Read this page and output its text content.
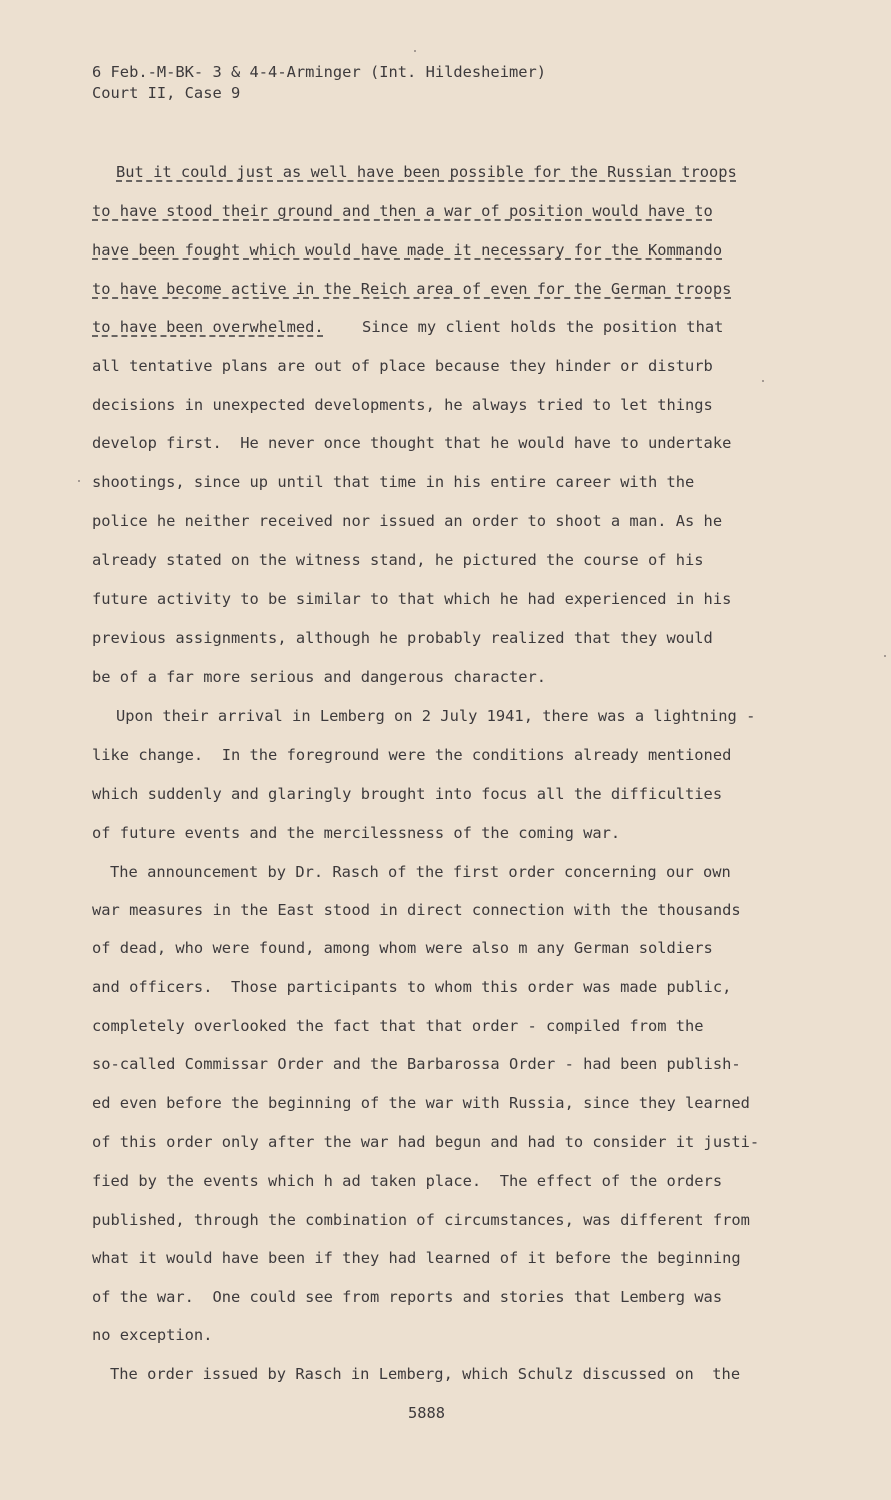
6 Feb.-M-BK- 3 & 4-4-Arminger (Int. Hildesheimer)
Court II, Case 9
But it could just as well have been possible for the Russian troops
to have stood their ground and then a war of position would have to
have been fought which would have made it necessary for the Kommando
to have become active in the Reich area of even for the German troops
to have been overwhelmed. Since my client holds the position that
all tentative plans are out of place because they hinder or disturb
decisions in unexpected developments, he always tried to let things
develop first.  He never once thought that he would have to undertake
shootings, since up until that time in his entire career with the
police he neither received nor issued an order to shoot a man. As he
already stated on the witness stand, he pictured the course of his
future activity to be similar to that which he had experienced in his
previous assignments, although he probably realized that they would
be of a far more serious and dangerous character.
Upon their arrival in Lemberg on 2 July 1941, there was a lightning -
like change.  In the foreground were the conditions already mentioned
which suddenly and glaringly brought into focus all the difficulties
of future events and the mercilessness of the coming war.
The announcement by Dr. Rasch of the first order concerning our own
war measures in the East stood in direct connection with the thousands
of dead, who were found, among whom were also m any German soldiers
and officers.  Those participants to whom this order was made public,
completely overlooked the fact that that order - compiled from the
so-called Commissar Order and the Barbarossa Order - had been publish-
ed even before the beginning of the war with Russia, since they learned
of this order only after the war had begun and had to consider it justi-
fied by the events which h ad taken place.  The effect of the orders
published, through the combination of circumstances, was different from
what it would have been if they had learned of it before the beginning
of the war.  One could see from reports and stories that Lemberg was
no exception.
The order issued by Rasch in Lemberg, which Schulz discussed on  the
5888
